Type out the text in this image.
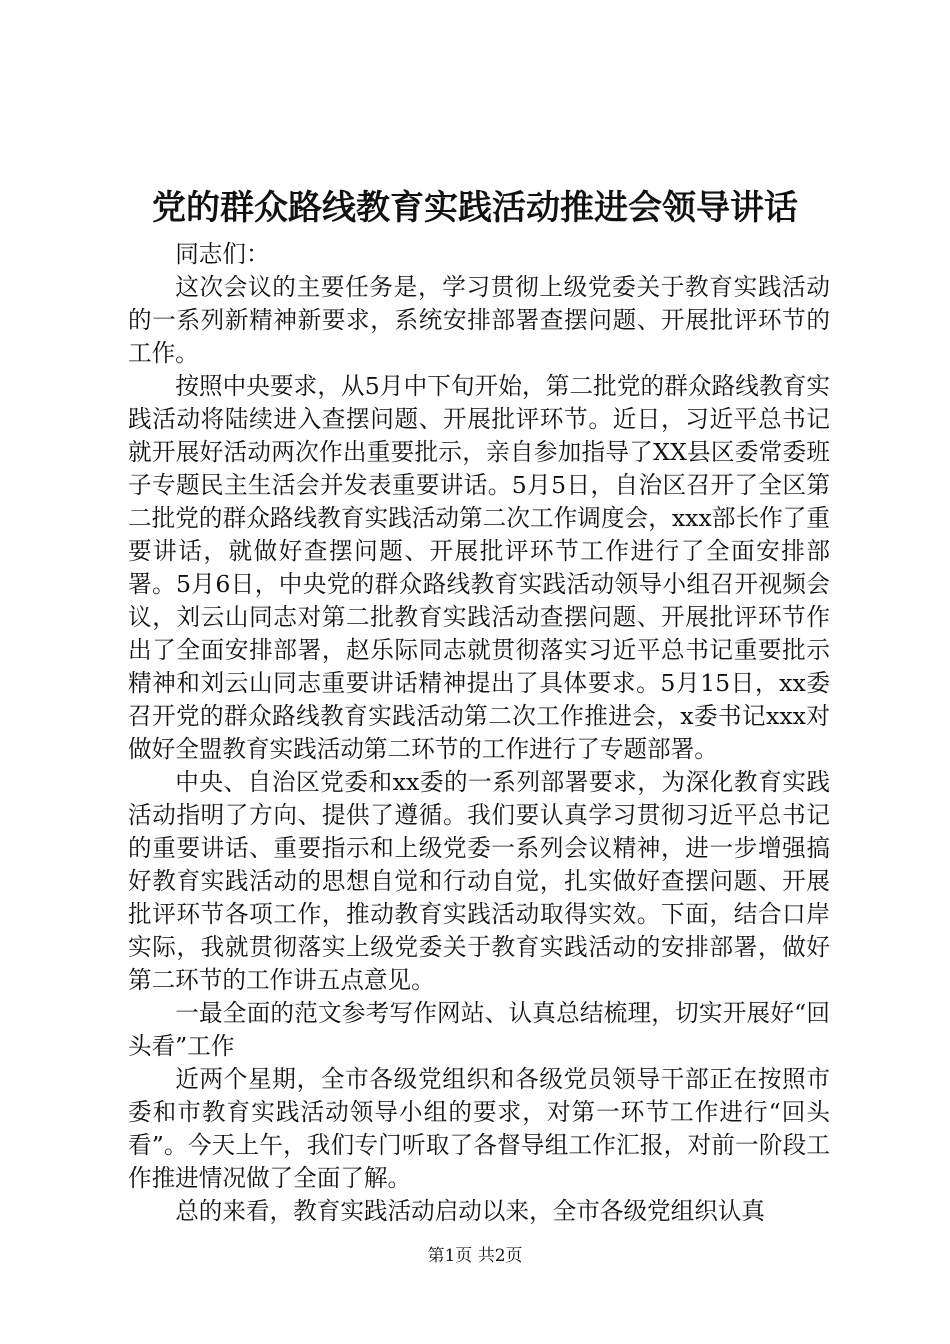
党的群众路线教育实践活动推进会领导讲话

同志们：

这次会议的主要任务是，学习贯彻上级党委关于教育实践活动的一系列新精神新要求，系统安排部署查摆问题、开展批评环节的工作。

按照中央要求，从5月中下旬开始，第二批党的群众路线教育实践活动将陆续进入查摆问题、开展批评环节。近日，习近平总书记就开展好活动两次作出重要批示，亲自参加指导了XX县区委常委班子专题民主生活会并发表重要讲话。5月5日，自治区召开了全区第二批党的群众路线教育实践活动第二次工作调度会，xxx部长作了重要讲话，就做好查摆问题、开展批评环节工作进行了全面安排部署。5月6日，中央党的群众路线教育实践活动领导小组召开视频会议，刘云山同志对第二批教育实践活动查摆问题、开展批评环节作出了全面安排部署，赵乐际同志就贯彻落实习近平总书记重要批示精神和刘云山同志重要讲话精神提出了具体要求。5月15日，xx委召开党的群众路线教育实践活动第二次工作推进会，x委书记xxx对做好全盟教育实践活动第二环节的工作进行了专题部署。

中央、自治区党委和xx委的一系列部署要求，为深化教育实践活动指明了方向、提供了遵循。我们要认真学习贯彻习近平总书记的重要讲话、重要指示和上级党委一系列会议精神，进一步增强搞好教育实践活动的思想自觉和行动自觉，扎实做好查摆问题、开展批评环节各项工作，推动教育实践活动取得实效。下面，结合口岸实际，我就贯彻落实上级党委关于教育实践活动的安排部署，做好第二环节的工作讲五点意见。

一最全面的范文参考写作网站、认真总结梳理，切实开展好“回头看”工作

近两个星期，全市各级党组织和各级党员领导干部正在按照市委和市教育实践活动领导小组的要求，对第一环节工作进行“回头看”。今天上午，我们专门听取了各督导组工作汇报，对前一阶段工作推进情况做了全面了解。

总的来看，教育实践活动启动以来，全市各级党组织认真

第1页 共2页
